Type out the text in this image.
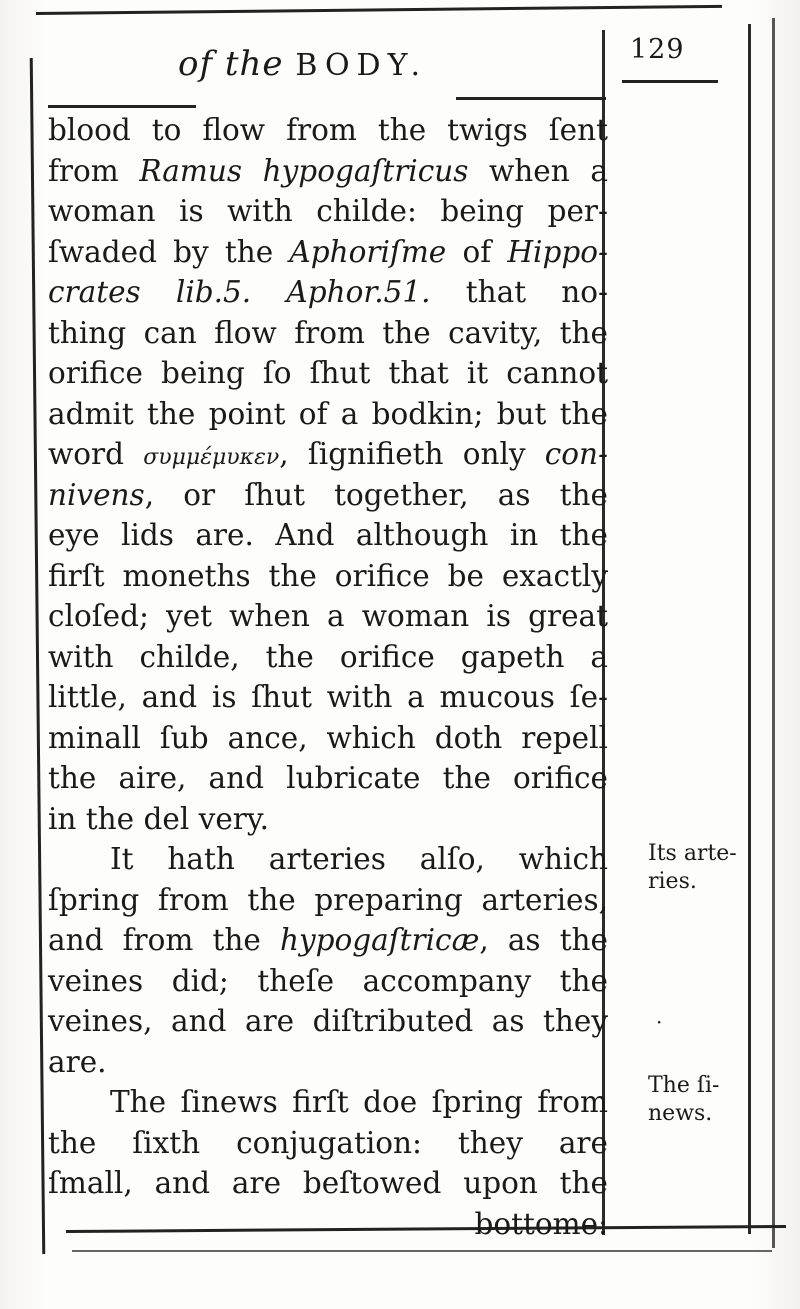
of the BODY.	129
blood to flow from the twigs ſent
from Ramus hypogaſtricus when a
woman is with childe: being per-
ſwaded by the Aphoriſme of Hippo-
crates lib.5. Aphor.51. that no-
thing can flow from the cavity, the
orifice being ſo ſhut that it cannot
admit the point of a bodkin; but the
word συμμέμυκεν, ſignifieth only con-
nivens, or ſhut together, as the
eye lids are. And although in the
firſt moneths the orifice be exactly
cloſed; yet when a woman is great
with childe, the orifice gapeth a
little, and is ſhut with a mucous ſe-
minall ſub ance, which doth repell
the aire, and lubricate the orifice
in the del very.
It hath arteries alſo, which
ſpring from the preparing arteries,
and from the hypogaſtricæ, as the
veines did; theſe accompany the
veines, and are diſtributed as they
are.
The ſinews firſt doe ſpring from
the ſixth conjugation: they are
ſmall, and are beſtowed upon the
bottome:
Its arte-
ries.
·
The ſi-
news.
